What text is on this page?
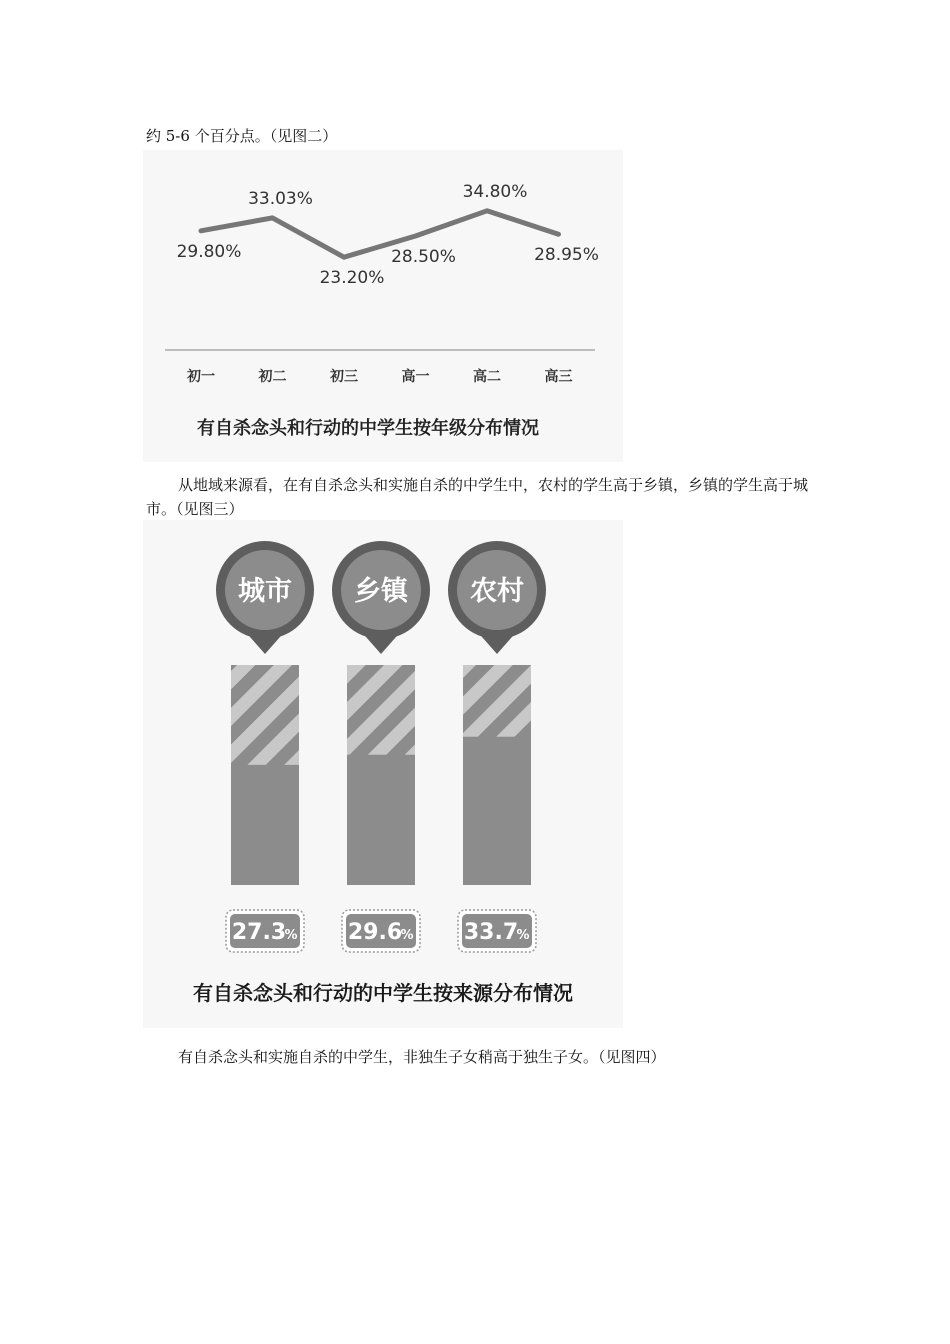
约 5-6 个百分点。（见图二）

29.80%
33.03%
23.20%
28.50%
34.80%
28.95%
初一	初二	初三	高一	高二	高三
有自杀念头和行动的中学生按年级分布情况

从地域来源看，在有自杀念头和实施自杀的中学生中，农村的学生高于乡镇，乡镇的学生高于城市。（见图三）

城市
27.3
%
乡镇
29.6
%
农村
33.7
%
有自杀念头和行动的中学生按来源分布情况

有自杀念头和实施自杀的中学生，非独生子女稍高于独生子女。（见图四）
